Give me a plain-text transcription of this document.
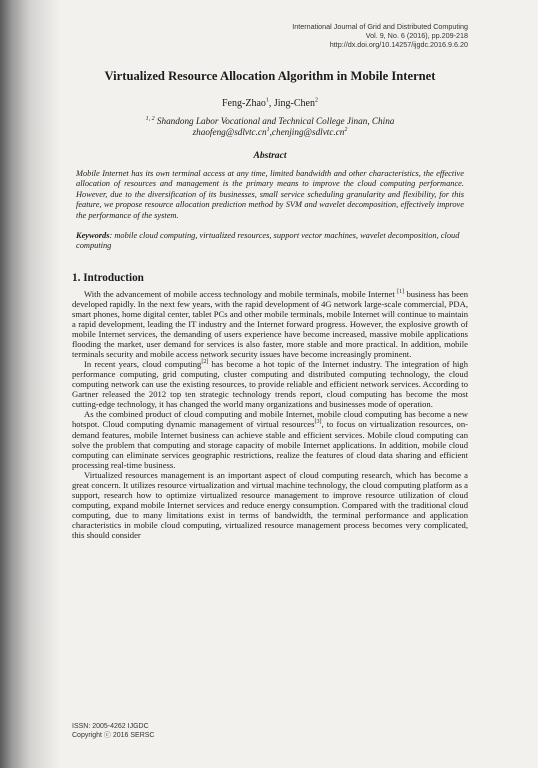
International Journal of Grid and Distributed Computing
Vol. 9, No. 6 (2016), pp.209-218
http://dx.doi.org/10.14257/ijgdc.2016.9.6.20
Virtualized Resource Allocation Algorithm in Mobile Internet
Feng-Zhao$^1$, Jing-Chen$^2$
$^{1, 2}$ Shandong Labor Vocational and Technical College Jinan, China
$zhaofeng@sdlvtc.cn^1,chenjing@sdlvtc.cn^2$
Abstract
Mobile Internet has its own terminal access at any time, limited bandwidth and other characteristics, the effective allocation of resources and management is the primary means to improve the cloud computing performance. However, due to the diversification of its businesses, small service scheduling granularity and flexibility, for this feature, we propose resource allocation prediction method by SVM and wavelet decomposition, effectively improve the performance of the system.
Keywords: mobile cloud computing, virtualized resources, support vector machines, wavelet decomposition, cloud computing
1. Introduction

With the advancement of mobile access technology and mobile terminals, mobile Internet [1] business has been developed rapidly. In the next few years, with the rapid development of 4G network large-scale commercial, PDA, smart phones, home digital center, tablet PCs and other mobile terminals, mobile Internet will continue to maintain a rapid development, leading the IT industry and the Internet forward progress. However, the explosive growth of mobile Internet services, the demanding of users experience have become increased, massive mobile applications flooding the market, user demand for services is also faster, more stable and more practical. In addition, mobile terminals security and mobile access network security issues have become increasingly prominent.

In recent years, cloud computing[2] has become a hot topic of the Internet industry. The integration of high performance computing, grid computing, cluster computing and distributed computing technology, the cloud computing network can use the existing resources, to provide reliable and efficient network services. According to Gartner released the 2012 top ten strategic technology trends report, cloud computing has become the most cutting-edge technology, it has changed the world many organizations and businesses mode of operation.

As the combined product of cloud computing and mobile Internet, mobile cloud computing has become a new hotspot. Cloud computing dynamic management of virtual resources[3], to focus on virtualization resources, on-demand features, mobile Internet business can achieve stable and efficient services. Mobile cloud computing can solve the problem that computing and storage capacity of mobile Internet applications. In addition, mobile cloud computing can eliminate services geographic restrictions, realize the features of cloud data sharing and efficient processing real-time business.

Virtualized resources management is an important aspect of cloud computing research, which has become a great concern. It utilizes resource virtualization and virtual machine technology, the cloud computing platform as a support, research how to optimize virtualized resource management to improve resource utilization of cloud computing, expand mobile Internet services and reduce energy consumption. Compared with the traditional cloud computing, due to many limitations exist in terms of bandwidth, the terminal performance and application characteristics in mobile cloud computing, virtualized resource management process becomes very complicated, this should consider

ISSN: 2005-4262 IJGDC
Copyright ⓒ 2016 SERSC
